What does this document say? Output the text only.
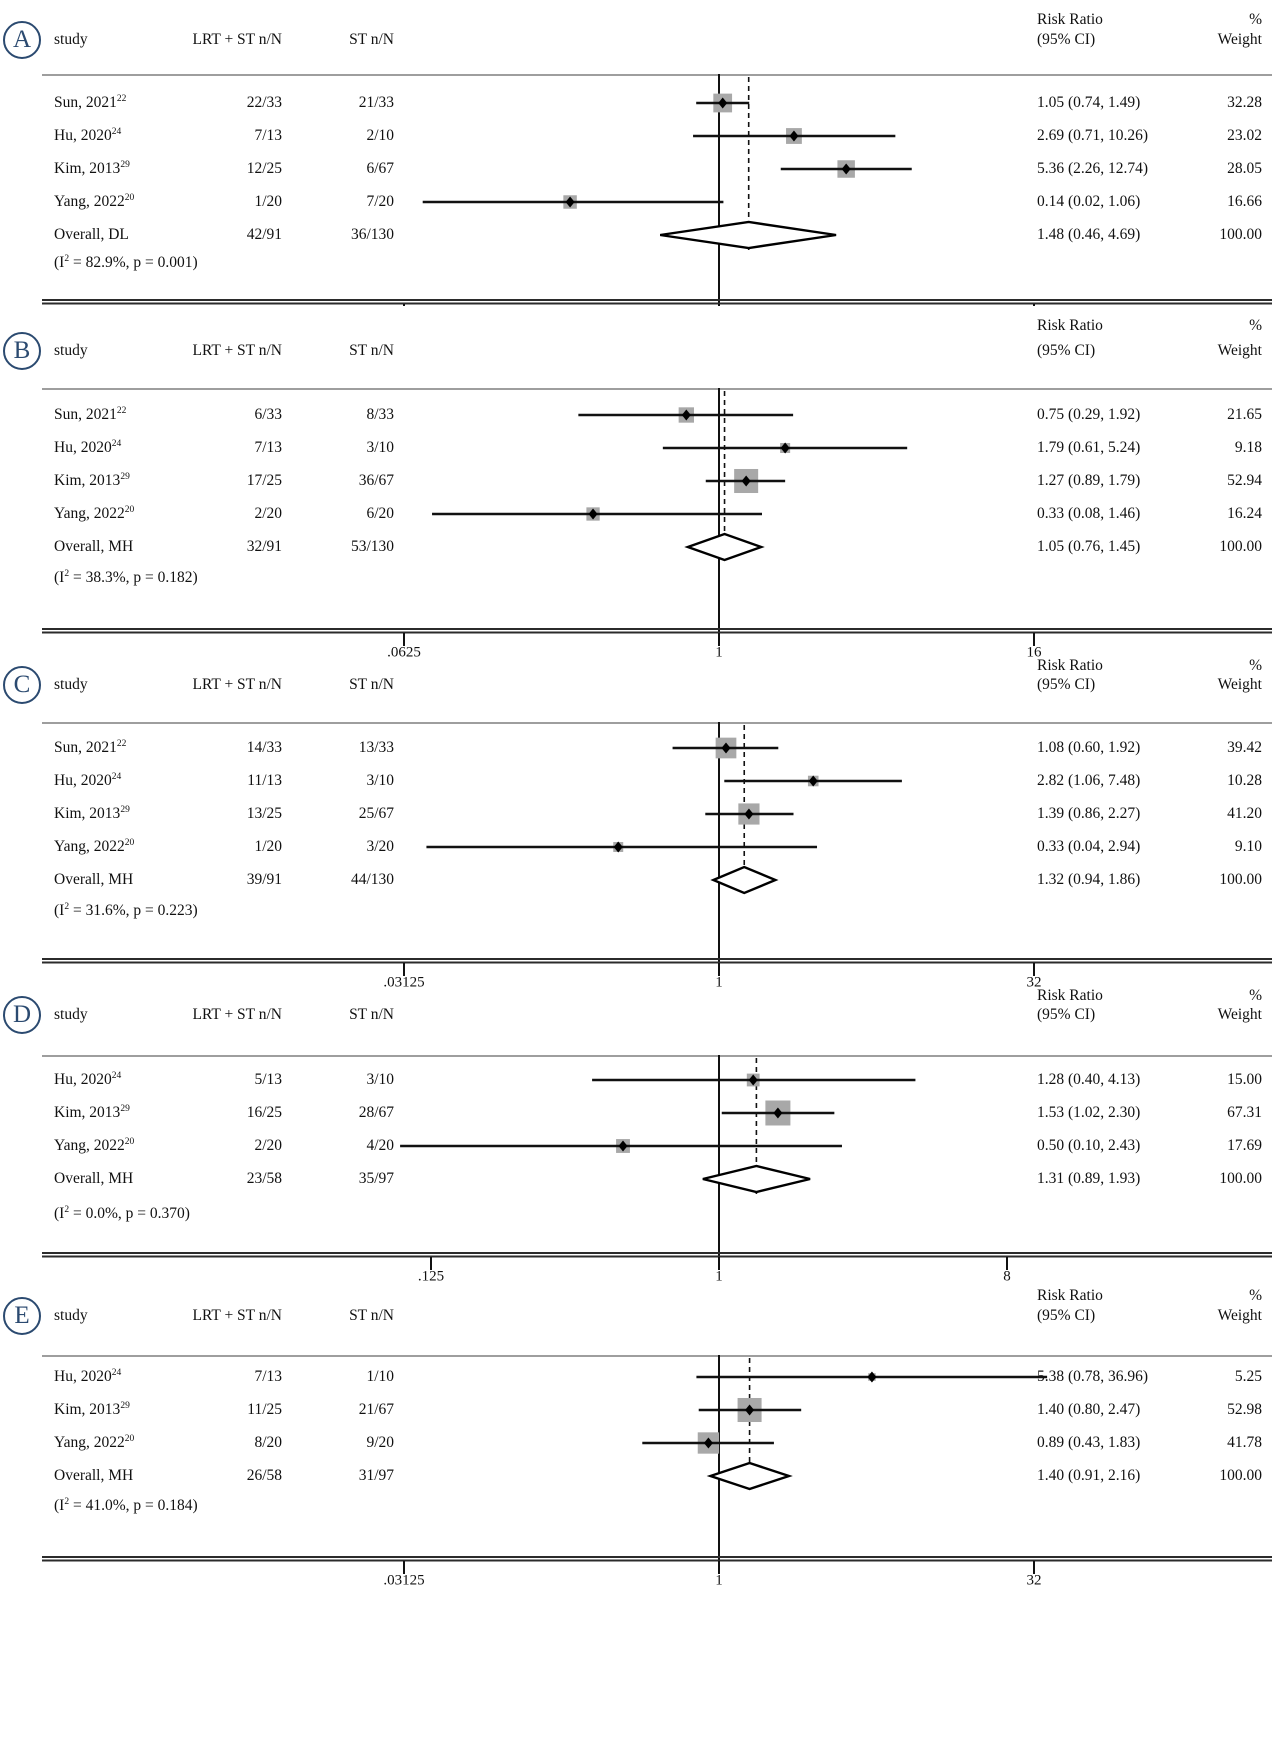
A
Risk Ratio	%
study	LRT + ST n/N	ST n/N	(95% CI)	Weight
Sun, 2021$^{22}$	22/33	21/33	1.05 (0.74, 1.49)	32.28
Hu, 2020$^{24}$	7/13	2/10	2.69 (0.71, 10.26)	23.02
Kim, 2013$^{29}$	12/25	6/67	5.36 (2.26, 12.74)	28.05
Yang, 2022$^{20}$	1/20	7/20	0.14 (0.02, 1.06)	16.66
Overall, DL	42/91	36/130	1.48 (0.46, 4.69)	100.00
($I^2 = 82.9\%$, p = 0.001)
B
Risk Ratio	%
study	LRT + ST n/N	ST n/N	(95% CI)	Weight
Sun, 2021$^{22}$	6/33	8/33	0.75 (0.29, 1.92)	21.65
Hu, 2020$^{24}$	7/13	3/10	1.79 (0.61, 5.24)	9.18
Kim, 2013$^{29}$	17/25	36/67	1.27 (0.89, 1.79)	52.94
Yang, 2022$^{20}$	2/20	6/20	0.33 (0.08, 1.46)	16.24
Overall, MH	32/91	53/130	1.05 (0.76, 1.45)	100.00
($I^2 = 38.3\%$, p = 0.182)
.0625	1	16
C
Risk Ratio	%
study	LRT + ST n/N	ST n/N	(95% CI)	Weight
Sun, 2021$^{22}$	14/33	13/33	1.08 (0.60, 1.92)	39.42
Hu, 2020$^{24}$	11/13	3/10	2.82 (1.06, 7.48)	10.28
Kim, 2013$^{29}$	13/25	25/67	1.39 (0.86, 2.27)	41.20
Yang, 2022$^{20}$	1/20	3/20	0.33 (0.04, 2.94)	9.10
Overall, MH	39/91	44/130	1.32 (0.94, 1.86)	100.00
($I^2 = 31.6\%$, p = 0.223)
.03125	1	32
D
Risk Ratio	%
study	LRT + ST n/N	ST n/N	(95% CI)	Weight
Hu, 2020$^{24}$	5/13	3/10	1.28 (0.40, 4.13)	15.00
Kim, 2013$^{29}$	16/25	28/67	1.53 (1.02, 2.30)	67.31
Yang, 2022$^{20}$	2/20	4/20	0.50 (0.10, 2.43)	17.69
Overall, MH	23/58	35/97	1.31 (0.89, 1.93)	100.00
($I^2 = 0.0\%$, p = 0.370)
.125	1	8
E
Risk Ratio	%
study	LRT + ST n/N	ST n/N	(95% CI)	Weight
Hu, 2020$^{24}$	7/13	1/10	5.38 (0.78, 36.96)	5.25
Kim, 2013$^{29}$	11/25	21/67	1.40 (0.80, 2.47)	52.98
Yang, 2022$^{20}$	8/20	9/20	0.89 (0.43, 1.83)	41.78
Overall, MH	26/58	31/97	1.40 (0.91, 2.16)	100.00
($I^2 = 41.0\%$, p = 0.184)
.03125	1	32
